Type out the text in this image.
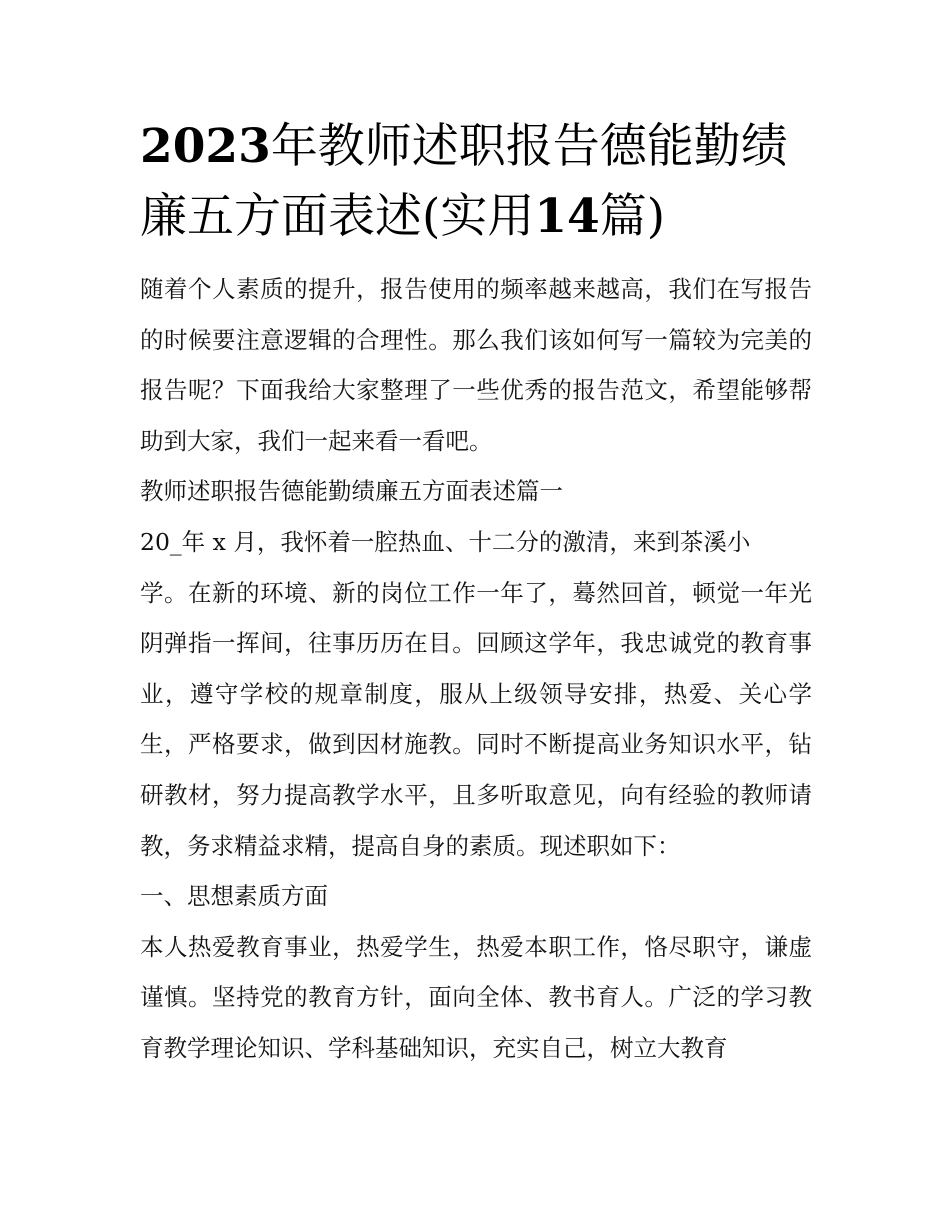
2023年教师述职报告德能勤绩
廉五方面表述(实用14篇)

随着个人素质的提升，报告使用的频率越来越高，我们在写报告的时候要注意逻辑的合理性。那么我们该如何写一篇较为完美的报告呢？下面我给大家整理了一些优秀的报告范文，希望能够帮助到大家，我们一起来看一看吧。

教师述职报告德能勤绩廉五方面表述篇一

20_年 x 月，我怀着一腔热血、十二分的激清，来到茶溪小

学。在新的环境、新的岗位工作一年了，蓦然回首，顿觉一年光阴弹指一挥间，往事历历在目。回顾这学年，我忠诚党的教育事业，遵守学校的规章制度，服从上级领导安排，热爱、关心学生，严格要求，做到因材施教。同时不断提高业务知识水平，钻研教材，努力提高教学水平，且多听取意见，向有经验的教师请教，务求精益求精，提高自身的素质。现述职如下：

一、思想素质方面

本人热爱教育事业，热爱学生，热爱本职工作，恪尽职守，谦虚谨慎。坚持党的教育方针，面向全体、教书育人。广泛的学习教育教学理论知识、学科基础知识，充实自己，树立大教育
